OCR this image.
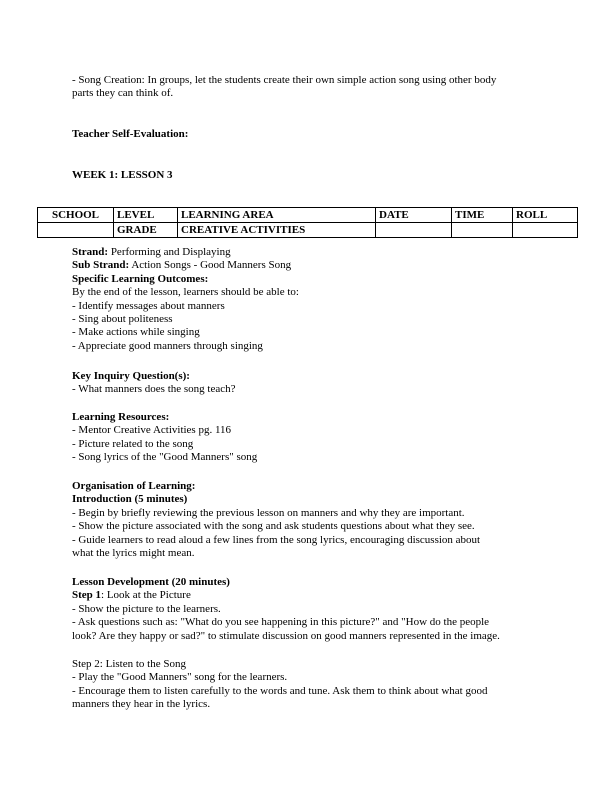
- Song Creation: In groups, let the students create their own simple action song using other body
parts they can think of.
Teacher Self-Evaluation:
WEEK 1: LESSON 3
SCHOOL	LEVEL	LEARNING AREA	DATE	TIME	ROLL
	GRADE	CREATIVE ACTIVITIES			
Strand: Performing and Displaying
Sub Strand: Action Songs - Good Manners Song
Specific Learning Outcomes:
By the end of the lesson, learners should be able to:
- Identify messages about manners
- Sing about politeness
- Make actions while singing
- Appreciate good manners through singing
Key Inquiry Question(s):
- What manners does the song teach?
Learning Resources:
- Mentor Creative Activities pg. 116
- Picture related to the song
- Song lyrics of the "Good Manners" song
Organisation of Learning:
Introduction (5 minutes)
- Begin by briefly reviewing the previous lesson on manners and why they are important.
- Show the picture associated with the song and ask students questions about what they see.
- Guide learners to read aloud a few lines from the song lyrics, encouraging discussion about
what the lyrics might mean.
Lesson Development (20 minutes)
Step 1: Look at the Picture
- Show the picture to the learners.
- Ask questions such as: "What do you see happening in this picture?" and "How do the people
look? Are they happy or sad?" to stimulate discussion on good manners represented in the image.
Step 2: Listen to the Song
- Play the "Good Manners" song for the learners.
- Encourage them to listen carefully to the words and tune. Ask them to think about what good
manners they hear in the lyrics.
